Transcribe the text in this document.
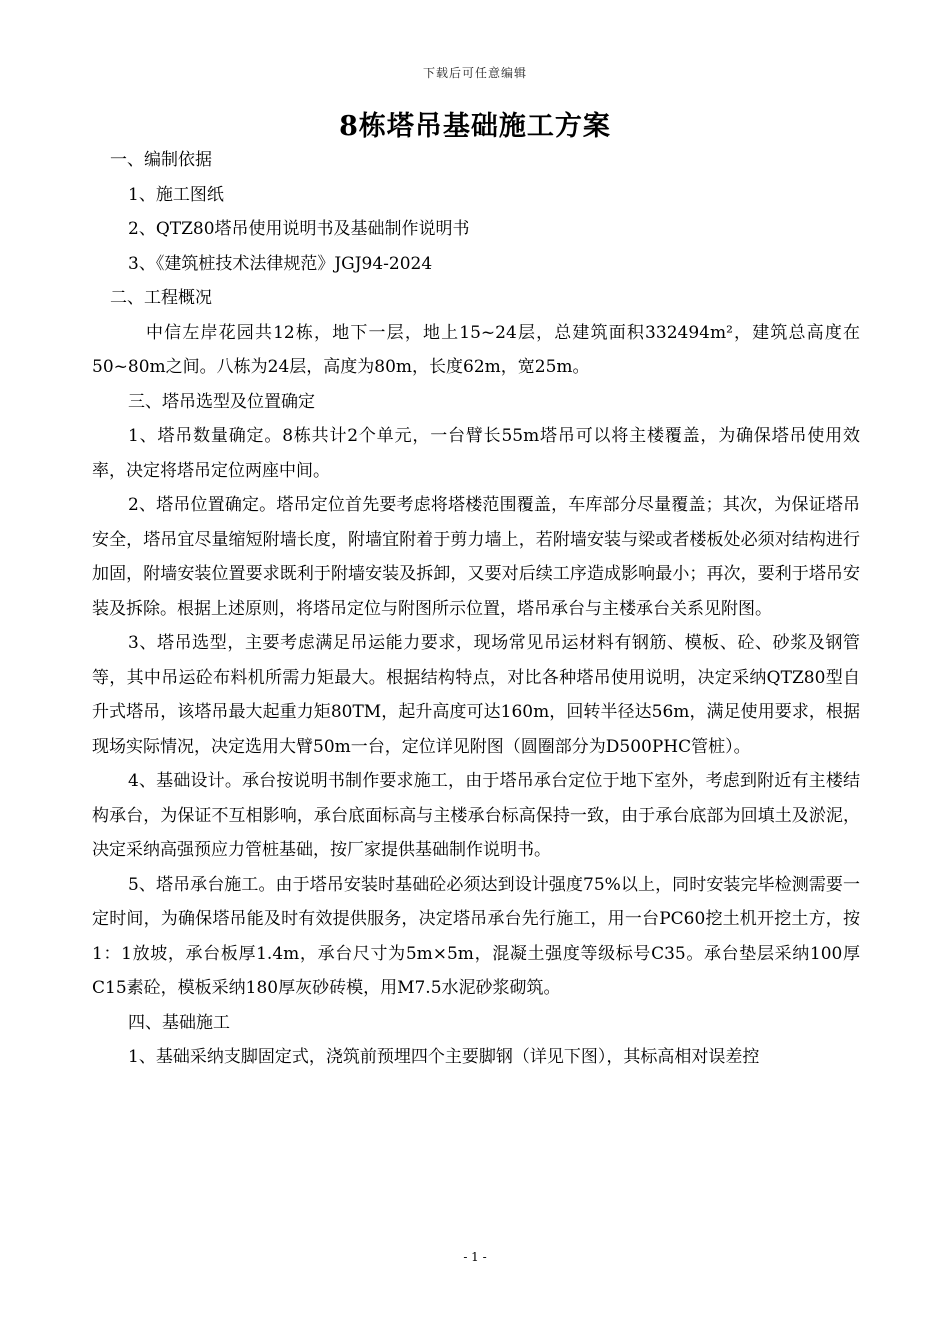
下载后可任意编辑
8栋塔吊基础施工方案

一、编制依据

1、施工图纸

2、QTZ80塔吊使用说明书及基础制作说明书

3、《建筑桩技术法律规范》JGJ94-2024

二、工程概况

中信左岸花园共12栋，地下一层，地上15~24层，总建筑面积332494m²，建筑总高度在50~80m之间。八栋为24层，高度为80m，长度62m，宽25m。

三、塔吊选型及位置确定

1、塔吊数量确定。8栋共计2个单元，一台臂长55m塔吊可以将主楼覆盖，为确保塔吊使用效率，决定将塔吊定位两座中间。

2、塔吊位置确定。塔吊定位首先要考虑将塔楼范围覆盖，车库部分尽量覆盖；其次，为保证塔吊安全，塔吊宜尽量缩短附墙长度，附墙宜附着于剪力墙上，若附墙安装与梁或者楼板处必须对结构进行加固，附墙安装位置要求既利于附墙安装及拆卸，又要对后续工序造成影响最小；再次，要利于塔吊安装及拆除。根据上述原则，将塔吊定位与附图所示位置，塔吊承台与主楼承台关系见附图。

3、塔吊选型，主要考虑满足吊运能力要求，现场常见吊运材料有钢筋、模板、砼、砂浆及钢管等，其中吊运砼布料机所需力矩最大。根据结构特点，对比各种塔吊使用说明，决定采纳QTZ80型自升式塔吊，该塔吊最大起重力矩80TM，起升高度可达160m，回转半径达56m，满足使用要求，根据现场实际情况，决定选用大臂50m一台，定位详见附图（圆圈部分为D500PHC管桩）。

4、基础设计。承台按说明书制作要求施工，由于塔吊承台定位于地下室外，考虑到附近有主楼结构承台，为保证不互相影响，承台底面标高与主楼承台标高保持一致，由于承台底部为回填土及淤泥，决定采纳高强预应力管桩基础，按厂家提供基础制作说明书。

5、塔吊承台施工。由于塔吊安装时基础砼必须达到设计强度75%以上，同时安装完毕检测需要一定时间，为确保塔吊能及时有效提供服务，决定塔吊承台先行施工，用一台PC60挖土机开挖土方，按1：1放坡，承台板厚1.4m，承台尺寸为5m×5m，混凝土强度等级标号C35。承台垫层采纳100厚C15素砼，模板采纳180厚灰砂砖模，用M7.5水泥砂浆砌筑。

四、基础施工

1、基础采纳支脚固定式，浇筑前预埋四个主要脚钢（详见下图），其标高相对误差控

- 1 -
